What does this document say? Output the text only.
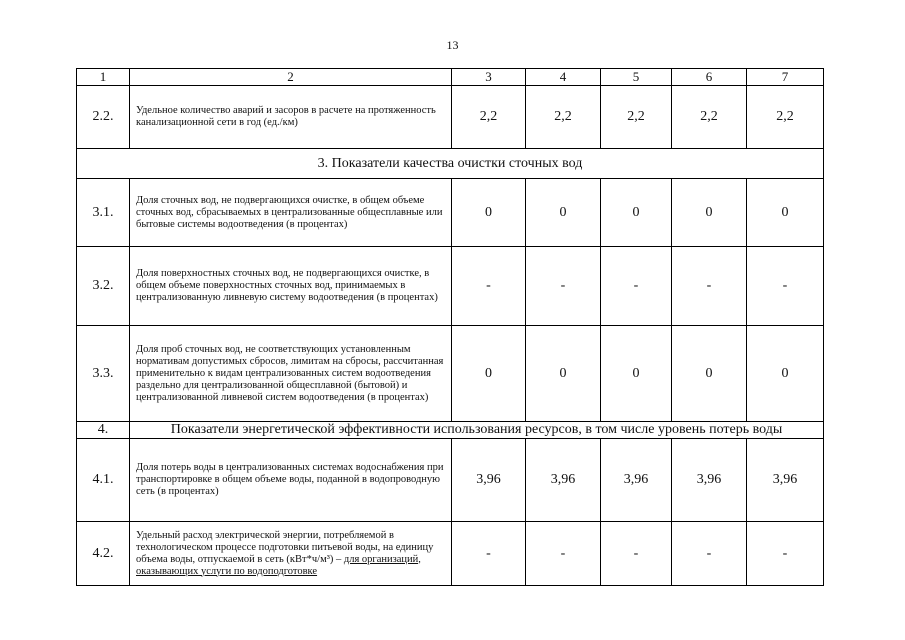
13
1	2	3	4	5	6	7
2.2.	Удельное количество аварий и засоров в расчете на протяженность канализационной сети в год (ед./км)	2,2	2,2	2,2	2,2	2,2
3. Показатели качества очистки сточных вод						
3.1.	Доля сточных вод, не подвергающихся очистке, в общем объеме сточных вод, сбрасываемых в централизованные общесплавные или бытовые системы водоотведения (в процентах)	0	0	0	0	0
3.2.	Доля поверхностных сточных вод, не подвергающихся очистке, в общем объеме поверхностных сточных вод, принимаемых в централизованную ливневую систему водоотведения (в процентах)	-	-	-	-	-
3.3.	Доля проб сточных вод, не соответствующих установленным нормативам допустимых сбросов, лимитам на сбросы, рассчитанная применительно к видам централизованных систем водоотведения раздельно для централизованной общесплавной (бытовой) и централизованной ливневой систем водоотведения (в процентах)	0	0	0	0	0
4.	Показатели энергетической эффективности использования ресурсов, в том числе уровень потерь воды					
4.1.	Доля потерь воды в централизованных системах водоснабжения при транспортировке в общем объеме воды, поданной в водопроводную сеть (в процентах)	3,96	3,96	3,96	3,96	3,96
4.2.	Удельный расход электрической энергии, потребляемой в технологическом процессе подготовки питьевой воды, на единицу объема воды, отпускаемой в сеть (кВт*ч/м³) – для организаций, оказывающих услуги по водоподготовке	-	-	-	-	-
